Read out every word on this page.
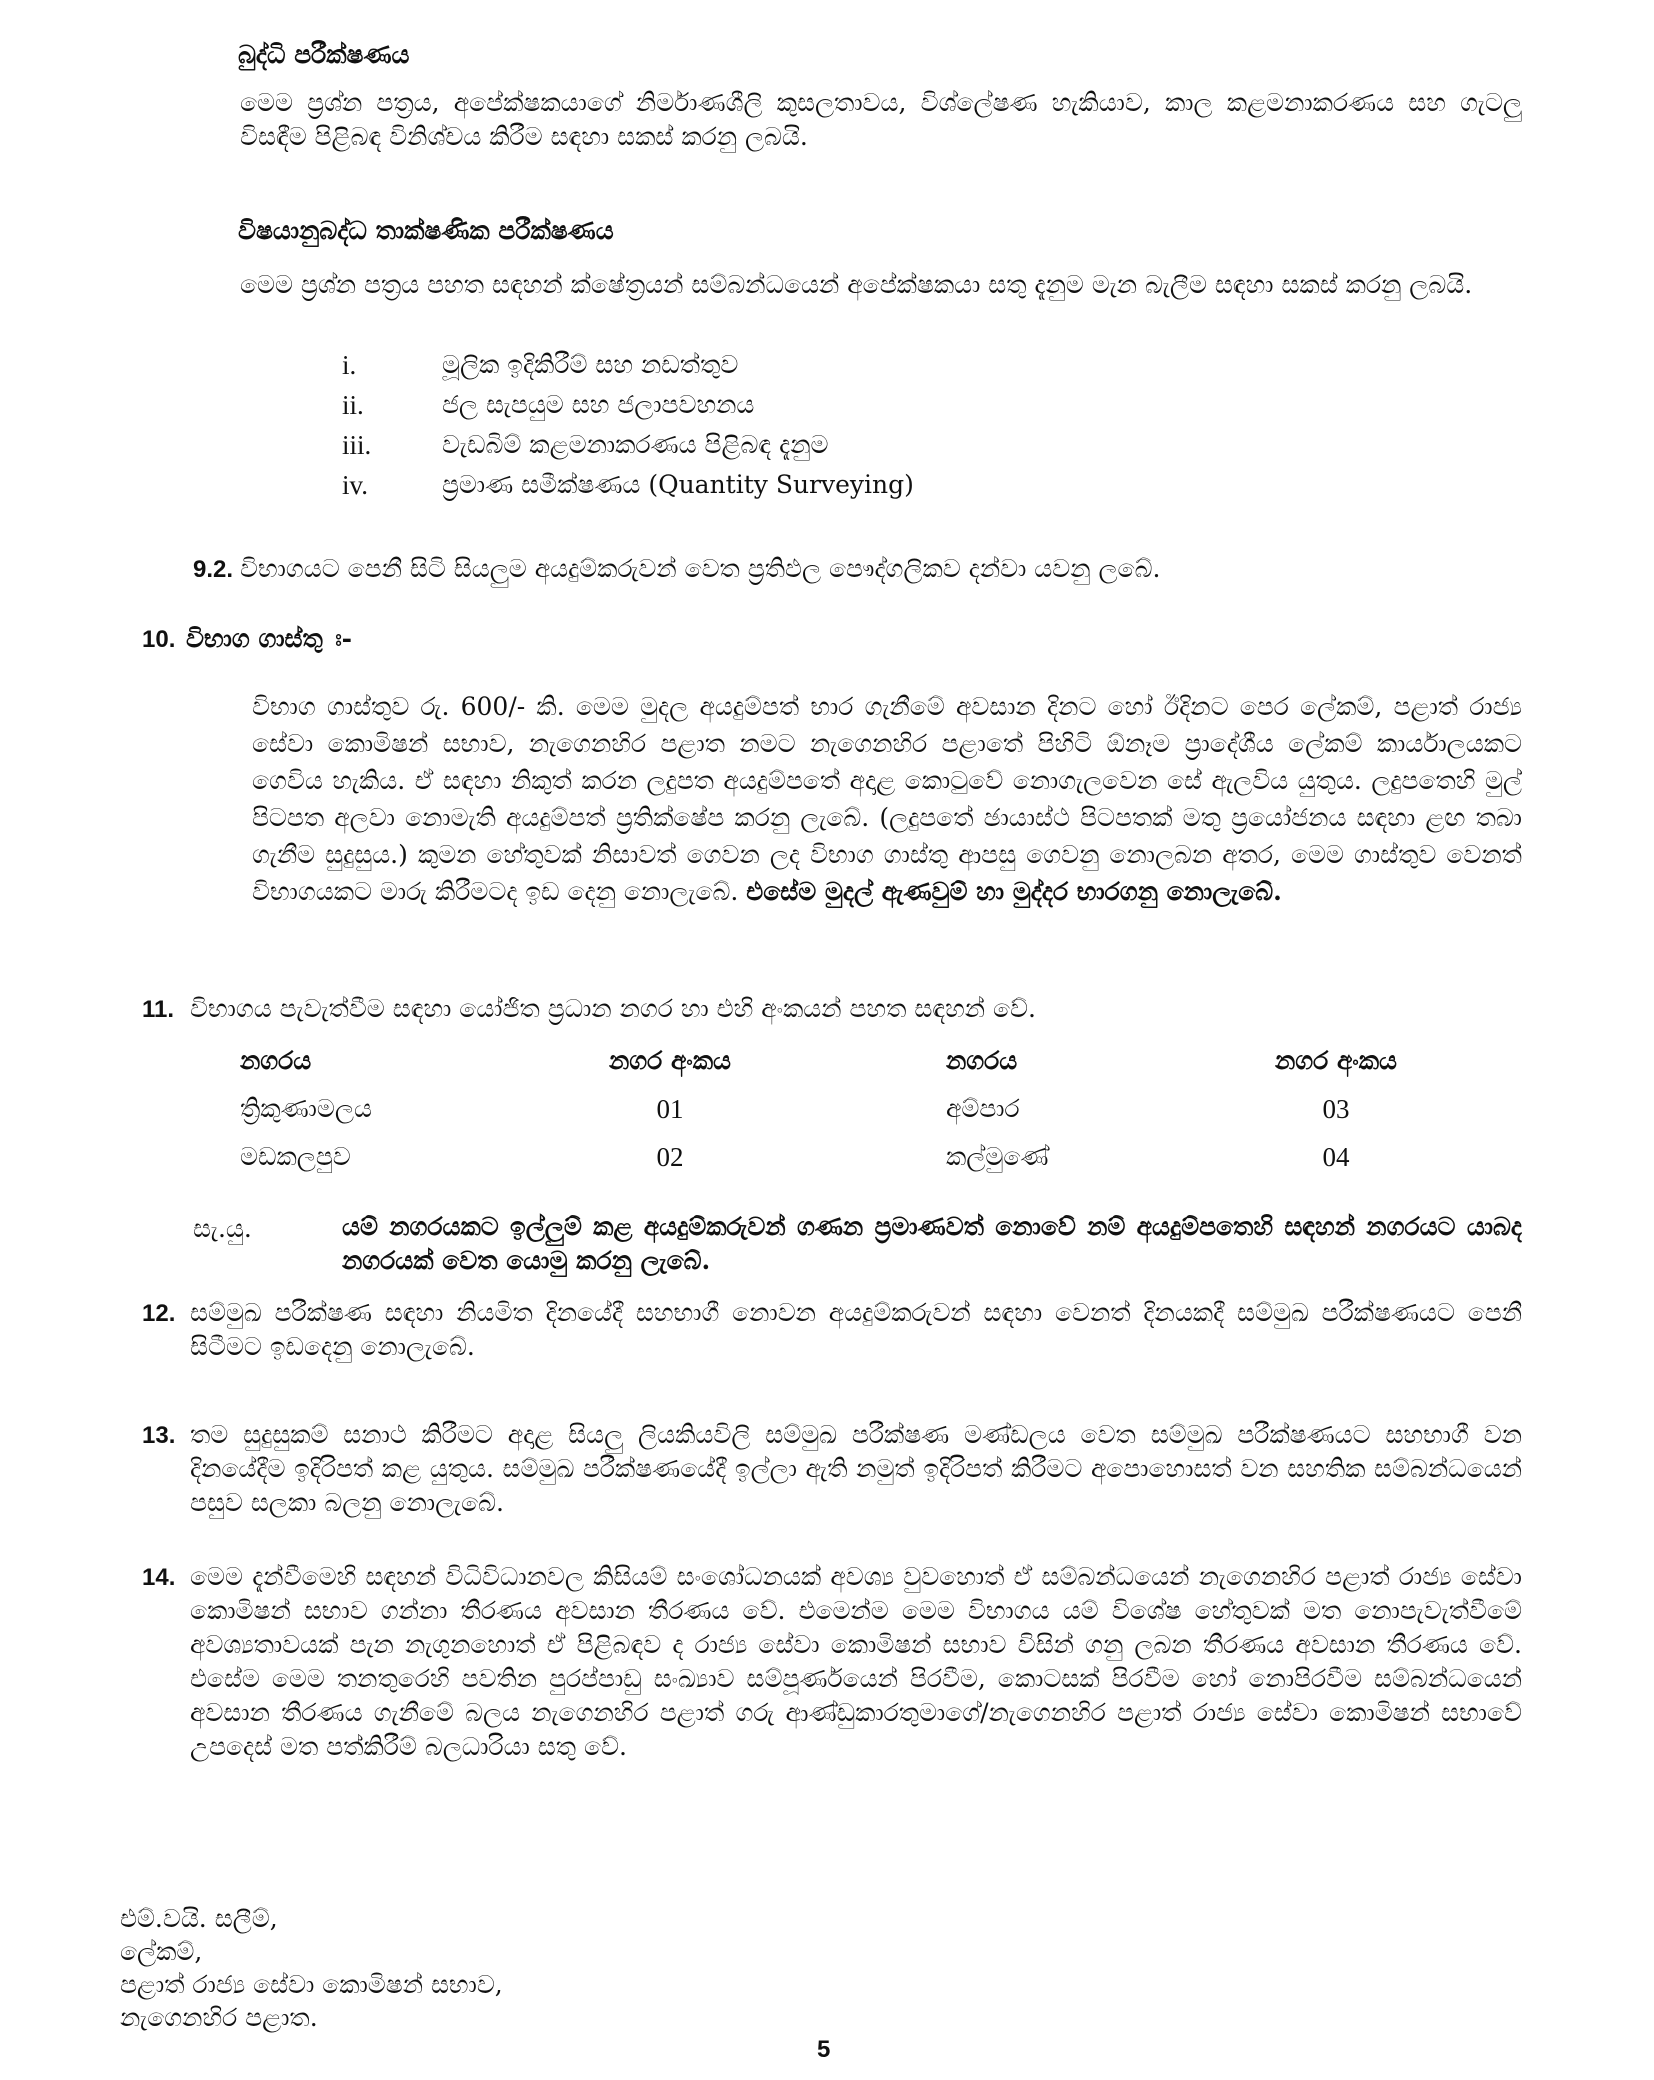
බුද්ධි පරීක්ෂණය
මෙම ප්‍රශ්න පත්‍රය, අපේක්ෂකයාගේ නිර්මාණශීලි කුසලතාවය, විශ්ලේෂණ හැකියාව, කාල කළමනාකරණය සහ ගැටලු විසඳීම පිළිබඳ විනිශ්චය කිරීම සඳහා සකස් කරනු ලබයි.
විෂයානුබද්ධ තාක්ෂණික පරීක්ෂණය
මෙම ප්‍රශ්න පත්‍රය පහත සඳහන් ක්ෂේත්‍රයන් සම්බන්ධයෙන් අපේක්ෂකයා සතු දැනුම මැන බැලීම සඳහා සකස් කරනු ලබයි.
i.	මූලික ඉදිකිරීම් සහ නඩත්තුව
ii.	ජල සැපයුම සහ ජලාපවහනය
iii.	වැඩබිම් කළමනාකරණය පිළිබඳ දැනුම
iv.	ප්‍රමාණ සමීක්ෂණය (Quantity Surveying)
9.2. විභාගයට පෙනී සිටි සියලුම අයදුම්කරුවන් වෙත ප්‍රතිඵල පෞද්ගලිකව දන්වා යවනු ලබේ.
10. විභාග ගාස්තු ඃ-
විභාග ගාස්තුව රු. 600/- කි. මෙම මුදල අයදුම්පත් භාර ගැනීමේ අවසාන දිනට හෝ ඊදිනට පෙර ලේකම්, පළාත් රාජ්‍ය සේවා කොමිෂන් සභාව, නැගෙනහිර පළාත නමට නැගෙනහිර පළාතේ පිහිටි ඕනෑම ප්‍රාදේශීය ලේකම් කාර්යාලයකට ගෙවිය හැකිය. ඒ සඳහා නිකුත් කරන ලදුපත අයදුම්පතේ අදාළ කොටුවේ නොගැලවෙන සේ ඇලවිය යුතුය. ලදුපතෙහි මුල් පිටපත අලවා නොමැති අයදුම්පත් ප්‍රතික්ෂේප කරනු ලැබේ. (ලදුපතේ ඡායාස්ථ පිටපතක් මතු ප්‍රයෝජනය සඳහා ළඟ තබා ගැනීම සුදුසුය.) කුමන හේතුවක් නිසාවත් ගෙවන ලද විභාග ගාස්තු ආපසු ගෙවනු නොලබන අතර, මෙම ගාස්තුව වෙනත් විභාගයකට මාරු කිරීමටද ඉඩ දෙනු නොලැබේ. එසේම මුදල් ඇණවුම් හා මුද්දර භාරගනු නොලැබේ.
11. විභාගය පැවැත්වීම සඳහා යෝජිත ප්‍රධාන නගර හා එහි අංකයන් පහත සඳහන් වේ.
නගරය	නගර අංකය	නගරය	නගර අංකය
ත්‍රිකුණාමලය	01	අම්පාර	03
මඩකලපුව	02	කල්මුණේ	04
සැ.යු.	යම් නගරයකට ඉල්ලුම් කළ අයදුම්කරුවන් ගණන ප්‍රමාණවත් නොවේ නම් අයදුම්පතෙහි සඳහන් නගරයට යාබද නගරයක් වෙත යොමු කරනු ලැබේ.
12. සම්මුඛ පරීක්ෂණ සඳහා නියමිත දිනයේදී සහභාගී නොවන අයදුම්කරුවන් සඳහා වෙනත් දිනයකදී සම්මුඛ පරීක්ෂණයට පෙනී සිටීමට ඉඩදෙනු නොලැබේ.
13. තම සුදුසුකම් සනාථ කිරීමට අදාළ සියලු ලියකියවිලි සම්මුඛ පරීක්ෂණ මණ්ඩලය වෙත සම්මුඛ පරීක්ෂණයට සහභාගී වන දිනයේදීම ඉදිරිපත් කළ යුතුය. සම්මුඛ පරීක්ෂණයේදී ඉල්ලා ඇති නමුත් ඉදිරිපත් කිරීමට අපොහොසත් වන සහතික සම්බන්ධයෙන් පසුව සලකා බලනු නොලැබේ.
14. මෙම දැන්වීමෙහි සඳහන් විධිවිධානවල කිසියම් සංශෝධනයක් අවශ්‍ය වුවහොත් ඒ සම්බන්ධයෙන් නැගෙනහිර පළාත් රාජ්‍ය සේවා කොමිෂන් සභාව ගන්නා තීරණය අවසාන තීරණය වේ. එමෙන්ම මෙම විභාගය යම් විශේෂ හේතුවක් මත නොපැවැත්වීමේ අවශ්‍යතාවයක් පැන නැගුනහොත් ඒ පිළිබඳව ද රාජ්‍ය සේවා කොමිෂන් සභාව විසින් ගනු ලබන තීරණය අවසාන තීරණය වේ. එසේම මෙම තනතුරෙහි පවතින පුරප්පාඩු සංඛ්‍යාව සම්පූර්ණයෙන් පිරවීම, කොටසක් පිරවීම හෝ නොපිරවීම සම්බන්ධයෙන් අවසාන තීරණය ගැනීමේ බලය නැගෙනහිර පළාත් ගරු ආණ්ඩුකාරතුමාගේ/නැගෙනහිර පළාත් රාජ්‍ය සේවා කොමිෂන් සභාවේ උපදෙස් මත පත්කිරීම් බලධාරියා සතු වේ.
එම්.වයි. සලීම්,
ලේකම්,
පළාත් රාජ්‍ය සේවා කොමිෂන් සභාව,
නැගෙනහිර පළාත.
5
